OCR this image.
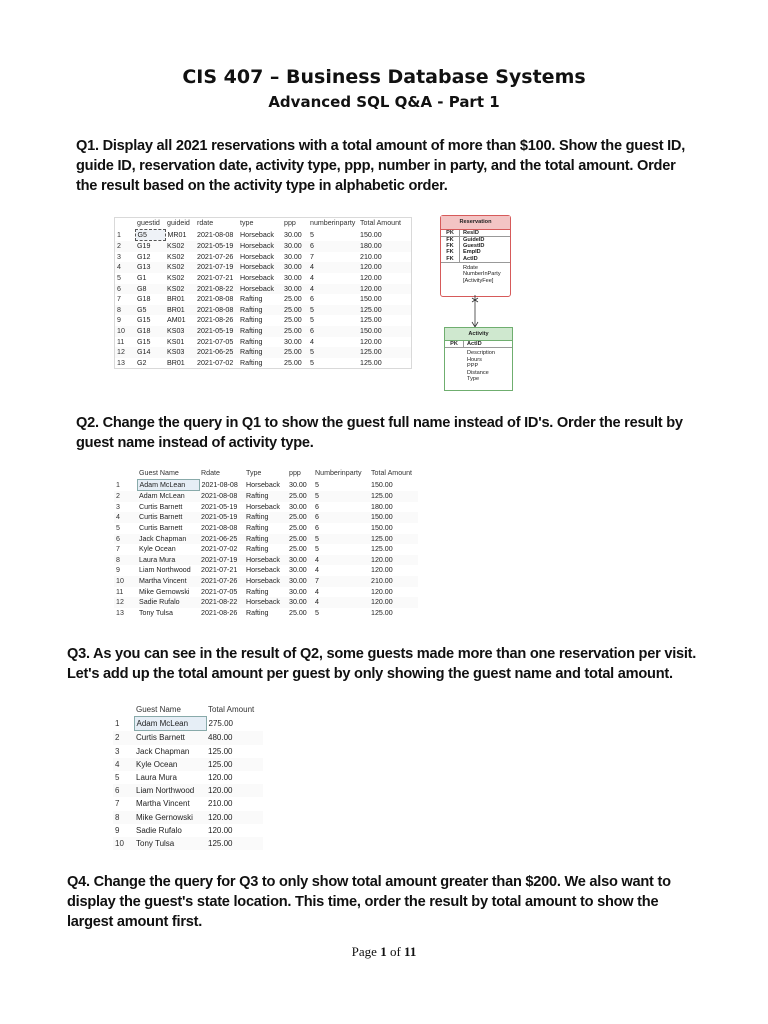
CIS 407 – Business Database Systems
Advanced SQL Q&A - Part 1
Q1. Display all 2021 reservations with a total amount of more than $100. Show the guest ID, guide ID, reservation date, activity type, ppp, number in party, and the total amount. Order the result based on the activity type in alphabetic order.
	guestid	guideid	rdate	type	ppp	numberinparty	Total Amount
1	G5	MR01	2021-08-08	Horseback	30.00	5	150.00
2	G19	KS02	2021-05-19	Horseback	30.00	6	180.00
3	G12	KS02	2021-07-26	Horseback	30.00	7	210.00
4	G13	KS02	2021-07-19	Horseback	30.00	4	120.00
5	G1	KS02	2021-07-21	Horseback	30.00	4	120.00
6	G8	KS02	2021-08-22	Horseback	30.00	4	120.00
7	G18	BR01	2021-08-08	Rafting	25.00	6	150.00
8	G5	BR01	2021-08-08	Rafting	25.00	5	125.00
9	G15	AM01	2021-08-26	Rafting	25.00	5	125.00
10	G18	KS03	2021-05-19	Rafting	25.00	6	150.00
11	G15	KS01	2021-07-05	Rafting	30.00	4	120.00
12	G14	KS03	2021-06-25	Rafting	25.00	5	125.00
13	G2	BR01	2021-07-02	Rafting	25.00	5	125.00
Reservation
PK	ResID
FK	GuideID
FK	GuestID
FK	EmpID
FK	ActID
Rdate
NumberInParty
[ActivityFee]
Activity
PK	ActID
Description
Hours
PPP
Distance
Type
Q2. Change the query in Q1 to show the guest full name instead of ID's. Order the result by guest name instead of activity type.
	Guest Name	Rdate	Type	ppp	Numberinparty	Total Amount
1	Adam McLean	2021-08-08	Horseback	30.00	5	150.00
2	Adam McLean	2021-08-08	Rafting	25.00	5	125.00
3	Curtis Barnett	2021-05-19	Horseback	30.00	6	180.00
4	Curtis Barnett	2021-05-19	Rafting	25.00	6	150.00
5	Curtis Barnett	2021-08-08	Rafting	25.00	6	150.00
6	Jack Chapman	2021-06-25	Rafting	25.00	5	125.00
7	Kyle Ocean	2021-07-02	Rafting	25.00	5	125.00
8	Laura Mura	2021-07-19	Horseback	30.00	4	120.00
9	Liam Northwood	2021-07-21	Horseback	30.00	4	120.00
10	Martha Vincent	2021-07-26	Horseback	30.00	7	210.00
11	Mike Gernowski	2021-07-05	Rafting	30.00	4	120.00
12	Sadie Rufalo	2021-08-22	Horseback	30.00	4	120.00
13	Tony Tulsa	2021-08-26	Rafting	25.00	5	125.00
Q3. As you can see in the result of Q2, some guests made more than one reservation per visit. Let's add up the total amount per guest by only showing the guest name and total amount.
	Guest Name	Total Amount
1	Adam McLean	275.00
2	Curtis Barnett	480.00
3	Jack Chapman	125.00
4	Kyle Ocean	125.00
5	Laura Mura	120.00
6	Liam Northwood	120.00
7	Martha Vincent	210.00
8	Mike Gernowski	120.00
9	Sadie Rufalo	120.00
10	Tony Tulsa	125.00
Q4. Change the query for Q3 to only show total amount greater than $200. We also want to display the guest's state location. This time, order the result by total amount to show the largest amount first.
Page 1 of 11
